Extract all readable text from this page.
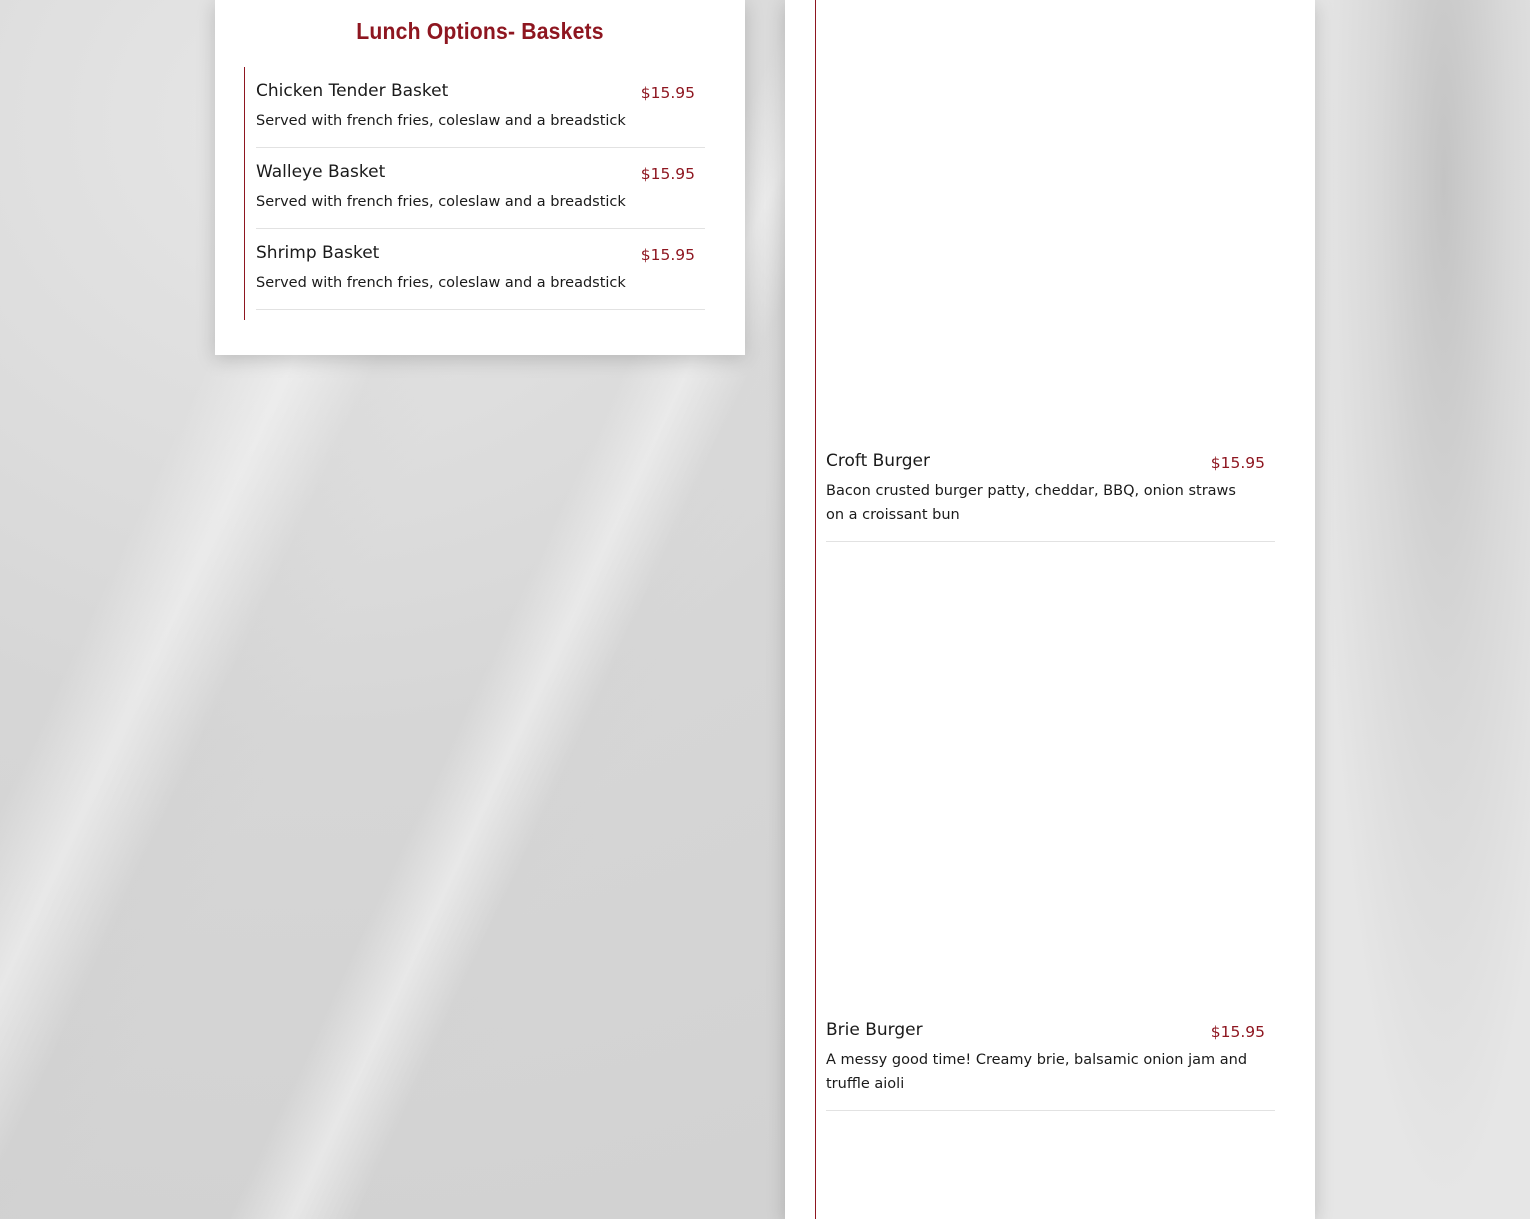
Lunch Options- Baskets
Chicken Tender Basket	$15.95
Served with french fries, coleslaw and a breadstick
Walleye Basket	$15.95
Served with french fries, coleslaw and a breadstick
Shrimp Basket	$15.95
Served with french fries, coleslaw and a breadstick
Croft Burger	$15.95
Bacon crusted burger patty, cheddar, BBQ, onion straws on a croissant bun
Brie Burger	$15.95
A messy good time! Creamy brie, balsamic onion jam and truffle aioli
